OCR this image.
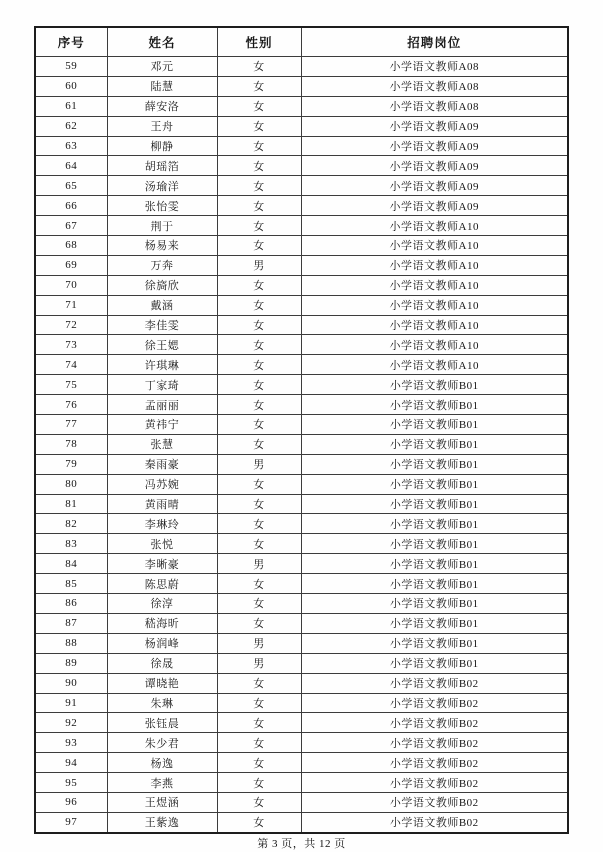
序号	姓名	性别	招聘岗位
59	邓元	女	小学语文教师A08
60	陆慧	女	小学语文教师A08
61	薛安洛	女	小学语文教师A08
62	王舟	女	小学语文教师A09
63	柳静	女	小学语文教师A09
64	胡瑶箔	女	小学语文教师A09
65	汤瑜洋	女	小学语文教师A09
66	张怡雯	女	小学语文教师A09
67	荆于	女	小学语文教师A10
68	杨易来	女	小学语文教师A10
69	万奔	男	小学语文教师A10
70	徐旖欣	女	小学语文教师A10
71	戴涵	女	小学语文教师A10
72	李佳雯	女	小学语文教师A10
73	徐王媤	女	小学语文教师A10
74	许琪琳	女	小学语文教师A10
75	丁家琦	女	小学语文教师B01
76	孟丽丽	女	小学语文教师B01
77	黄祎宁	女	小学语文教师B01
78	张慧	女	小学语文教师B01
79	秦雨豪	男	小学语文教师B01
80	冯苏婉	女	小学语文教师B01
81	黄雨晴	女	小学语文教师B01
82	李琳玲	女	小学语文教师B01
83	张悦	女	小学语文教师B01
84	李晰豪	男	小学语文教师B01
85	陈思蔚	女	小学语文教师B01
86	徐淳	女	小学语文教师B01
87	嵇海昕	女	小学语文教师B01
88	杨润峰	男	小学语文教师B01
89	徐晟	男	小学语文教师B01
90	谭晓艳	女	小学语文教师B02
91	朱琳	女	小学语文教师B02
92	张钰晨	女	小学语文教师B02
93	朱少君	女	小学语文教师B02
94	杨逸	女	小学语文教师B02
95	李燕	女	小学语文教师B02
96	王煜涵	女	小学语文教师B02
97	王紫逸	女	小学语文教师B02
第 3 页，共 12 页
